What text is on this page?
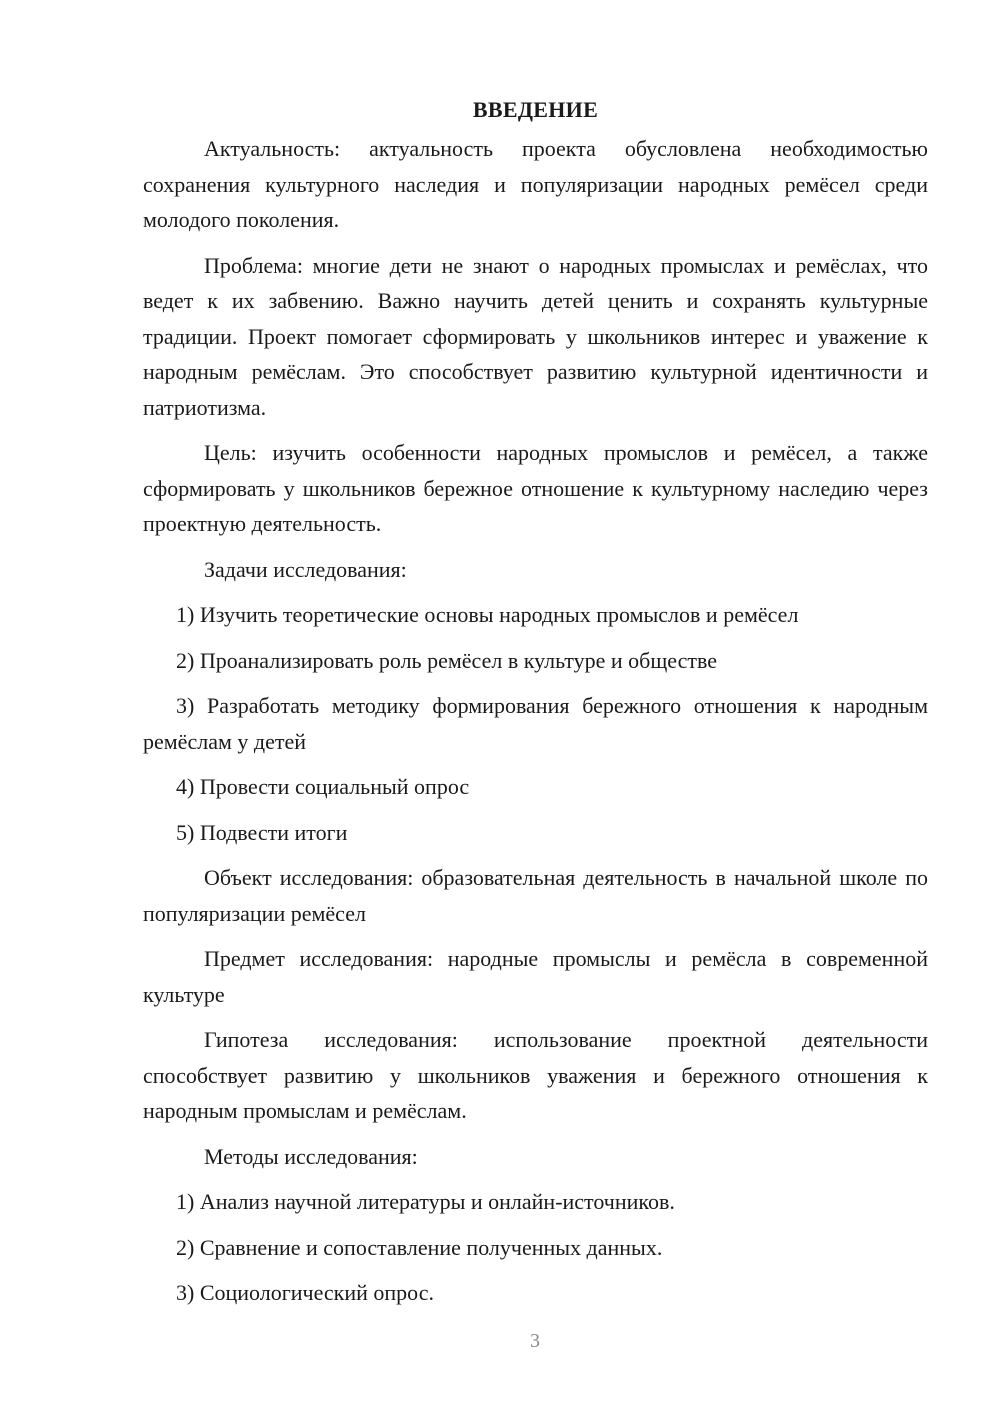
ВВЕДЕНИЕ

Актуальность: актуальность проекта обусловлена необходимостью сохранения культурного наследия и популяризации народных ремёсел среди молодого поколения.

Проблема: многие дети не знают о народных промыслах и ремёслах, что ведет к их забвению. Важно научить детей ценить и сохранять культурные традиции. Проект помогает сформировать у школьников интерес и уважение к народным ремёслам. Это способствует развитию культурной идентичности и патриотизма.

Цель: изучить особенности народных промыслов и ремёсел, а также сформировать у школьников бережное отношение к культурному наследию через проектную деятельность.

Задачи исследования:

1) Изучить теоретические основы народных промыслов и ремёсел

2) Проанализировать роль ремёсел в культуре и обществе

3) Разработать методику формирования бережного отношения к народным ремёслам у детей

4) Провести социальный опрос

5) Подвести итоги

Объект исследования: образовательная деятельность в начальной школе по популяризации ремёсел

Предмет исследования: народные промыслы и ремёсла в современной культуре

Гипотеза исследования: использование проектной деятельности способствует развитию у школьников уважения и бережного отношения к народным промыслам и ремёслам.

Методы исследования:

1) Анализ научной литературы и онлайн-источников.

2) Сравнение и сопоставление полученных данных.

3) Социологический опрос.

3
